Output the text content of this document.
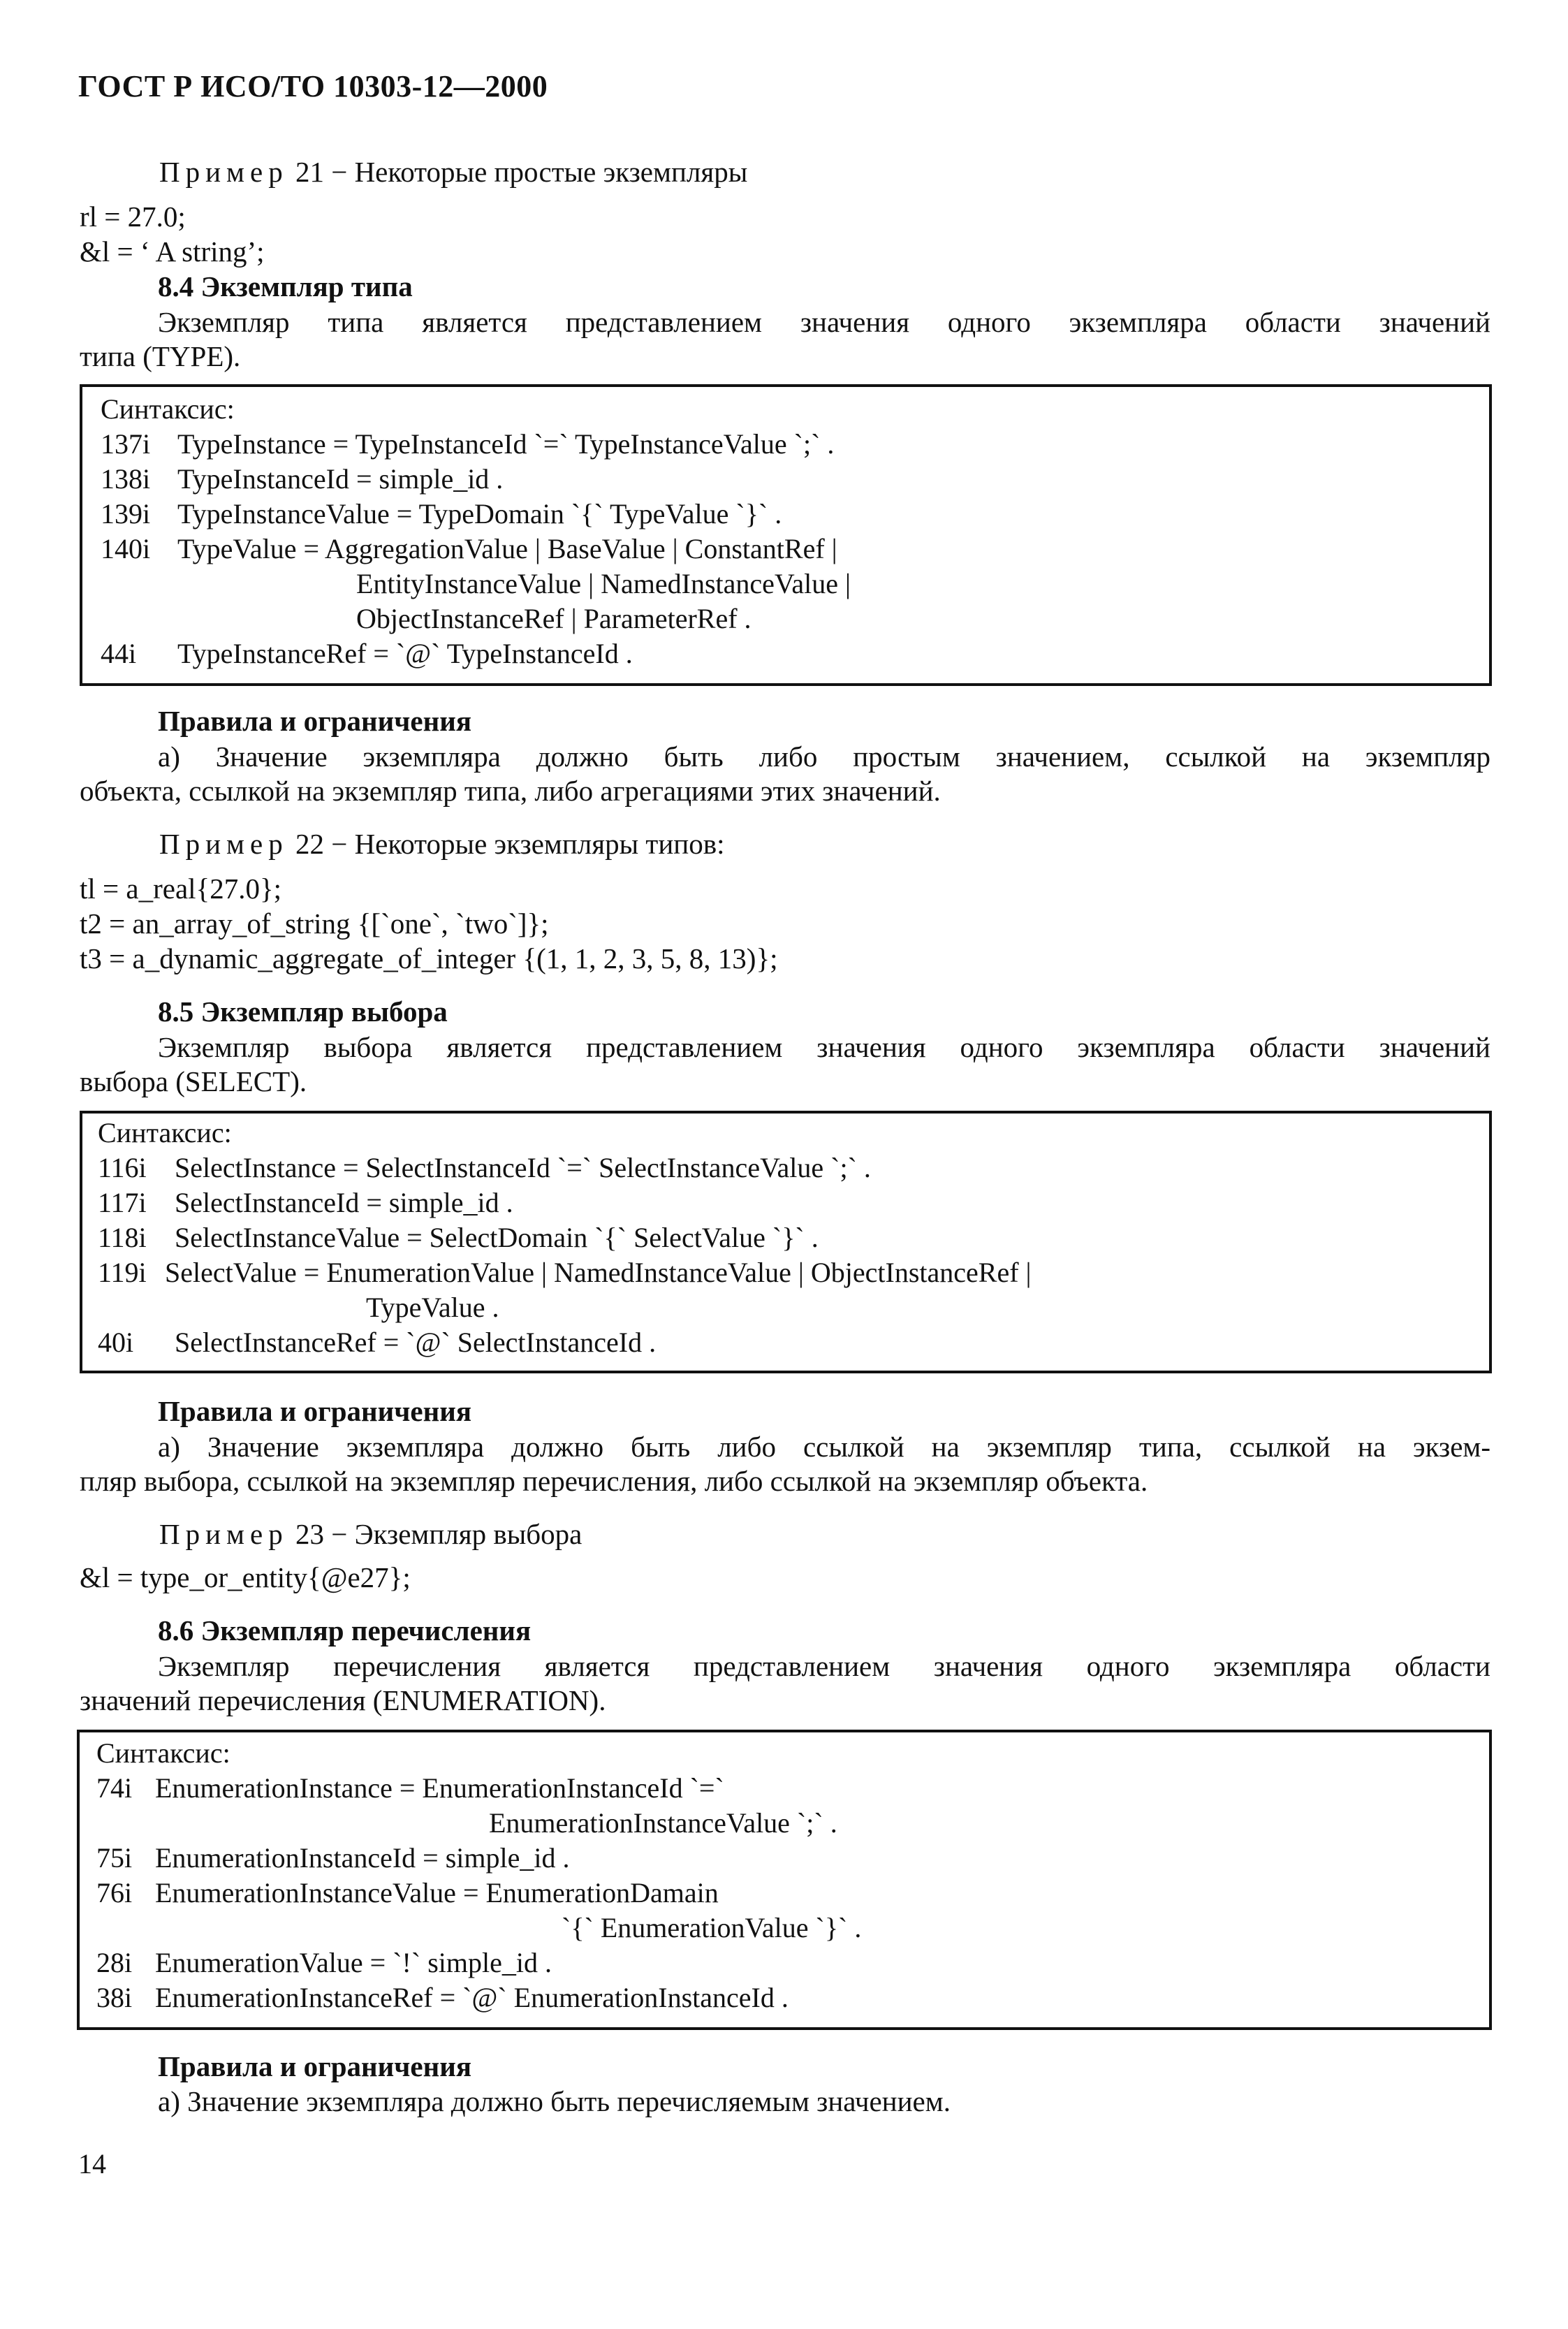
ГОСТ Р ИСО/ТО 10303-12—2000
Пример 21 − Некоторые простые экземпляры
rl = 27.0;
&l = ‘ A string’;
8.4 Экземпляр типа
Экземпляр типа является представлением значения одного экземпляра области значений
типа (TYPE).
Синтаксис:
137i TypeInstance = TypeInstanceId `=` TypeInstanceValue `;` .
138i TypeInstanceId = simple_id .
139i TypeInstanceValue = TypeDomain `{` TypeValue `}` .
140i TypeValue = AggregationValue | BaseValue | ConstantRef |
EntityInstanceValue | NamedInstanceValue |
ObjectInstanceRef | ParameterRef .
44i TypeInstanceRef = `@` TypeInstanceId .
Правила и ограничения
а) Значение экземпляра должно быть либо простым значением, ссылкой на экземпляр
объекта, ссылкой на экземпляр типа, либо агрегациями этих значений.
Пример 22 − Некоторые экземпляры типов:
tl = a_real{27.0};
t2 = an_array_of_string {[`one`, `two`]};
t3 = a_dynamic_aggregate_of_integer {(1, 1, 2, 3, 5, 8, 13)};
8.5 Экземпляр выбора
Экземпляр выбора является представлением значения одного экземпляра области значений
выбора (SELECT).
Синтаксис:
116i SelectInstance = SelectInstanceId `=` SelectInstanceValue `;` .
117i SelectInstanceId = simple_id .
118i SelectInstanceValue = SelectDomain `{` SelectValue `}` .
119i SelectValue = EnumerationValue | NamedInstanceValue | ObjectInstanceRef |
TypeValue .
40i SelectInstanceRef = `@` SelectInstanceId .
Правила и ограничения
а) Значение экземпляра должно быть либо ссылкой на экземпляр типа, ссылкой на экзем-
пляр выбора, ссылкой на экземпляр перечисления, либо ссылкой на экземпляр объекта.
Пример 23 − Экземпляр выбора
&l = type_or_entity{@e27};
8.6 Экземпляр перечисления
Экземпляр перечисления является представлением значения одного экземпляра области
значений перечисления (ENUMERATION).
Синтаксис:
74i EnumerationInstance = EnumerationInstanceId `=`
EnumerationInstanceValue `;` .
75i EnumerationInstanceId = simple_id .
76i EnumerationInstanceValue = EnumerationDamain
`{` EnumerationValue `}` .
28i EnumerationValue = `!` simple_id .
38i EnumerationInstanceRef = `@` EnumerationInstanceId .
Правила и ограничения
а) Значение экземпляра должно быть перечисляемым значением.
14
